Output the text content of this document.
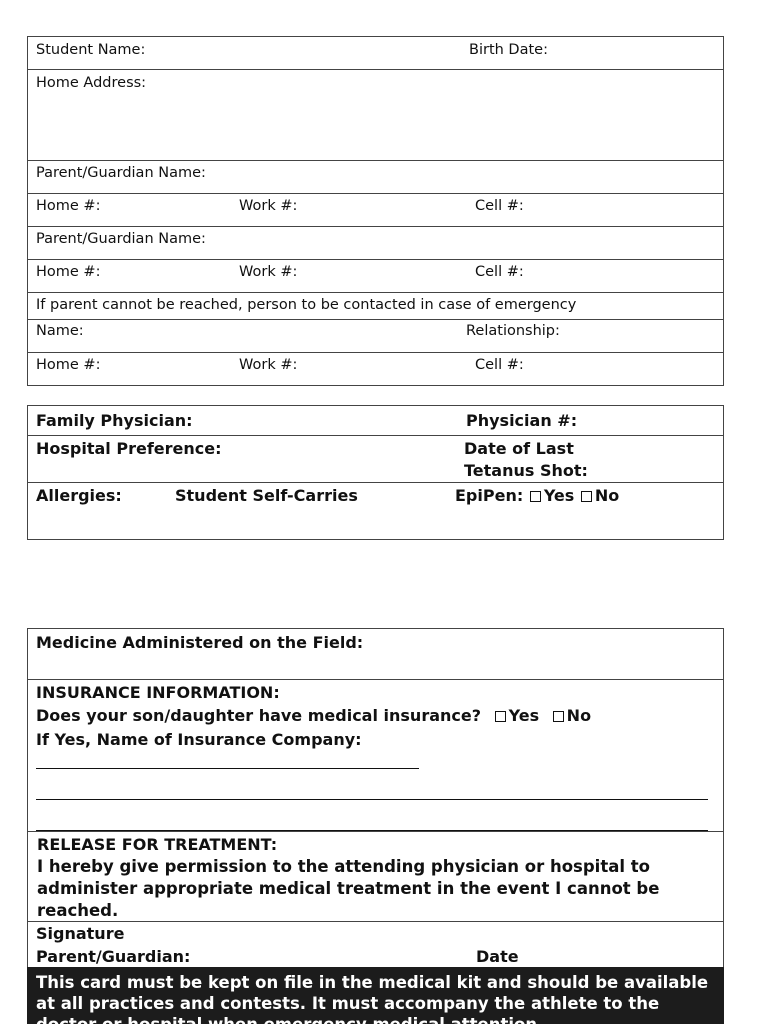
Student Name:	Birth Date:
Home Address:
Parent/Guardian Name:
Home #:	Work #:	Cell #:
Parent/Guardian Name:
Home #:	Work #:	Cell #:
If parent cannot be reached, person to be contacted in case of emergency
Name:	Relationship:
Home #:	Work #:	Cell #:
Family Physician:	Physician #:
Hospital Preference:	Date of Last
Tetanus Shot:
Allergies:	Student Self-Carries	EpiPen: Yes No
Medicine Administered on the Field:
INSURANCE INFORMATION:
Does your son/daughter have medical insurance? Yes No
If Yes, Name of Insurance Company:
RELEASE FOR TREATMENT:
I hereby give permission to the attending physician or hospital to
administer appropriate medical treatment in the event I cannot be
reached.
Signature
Parent/Guardian:	Date

This card must be kept on file in the medical kit and should be available at all practices and contests. It must accompany the athlete to the doctor or hospital when emergency medical attention
